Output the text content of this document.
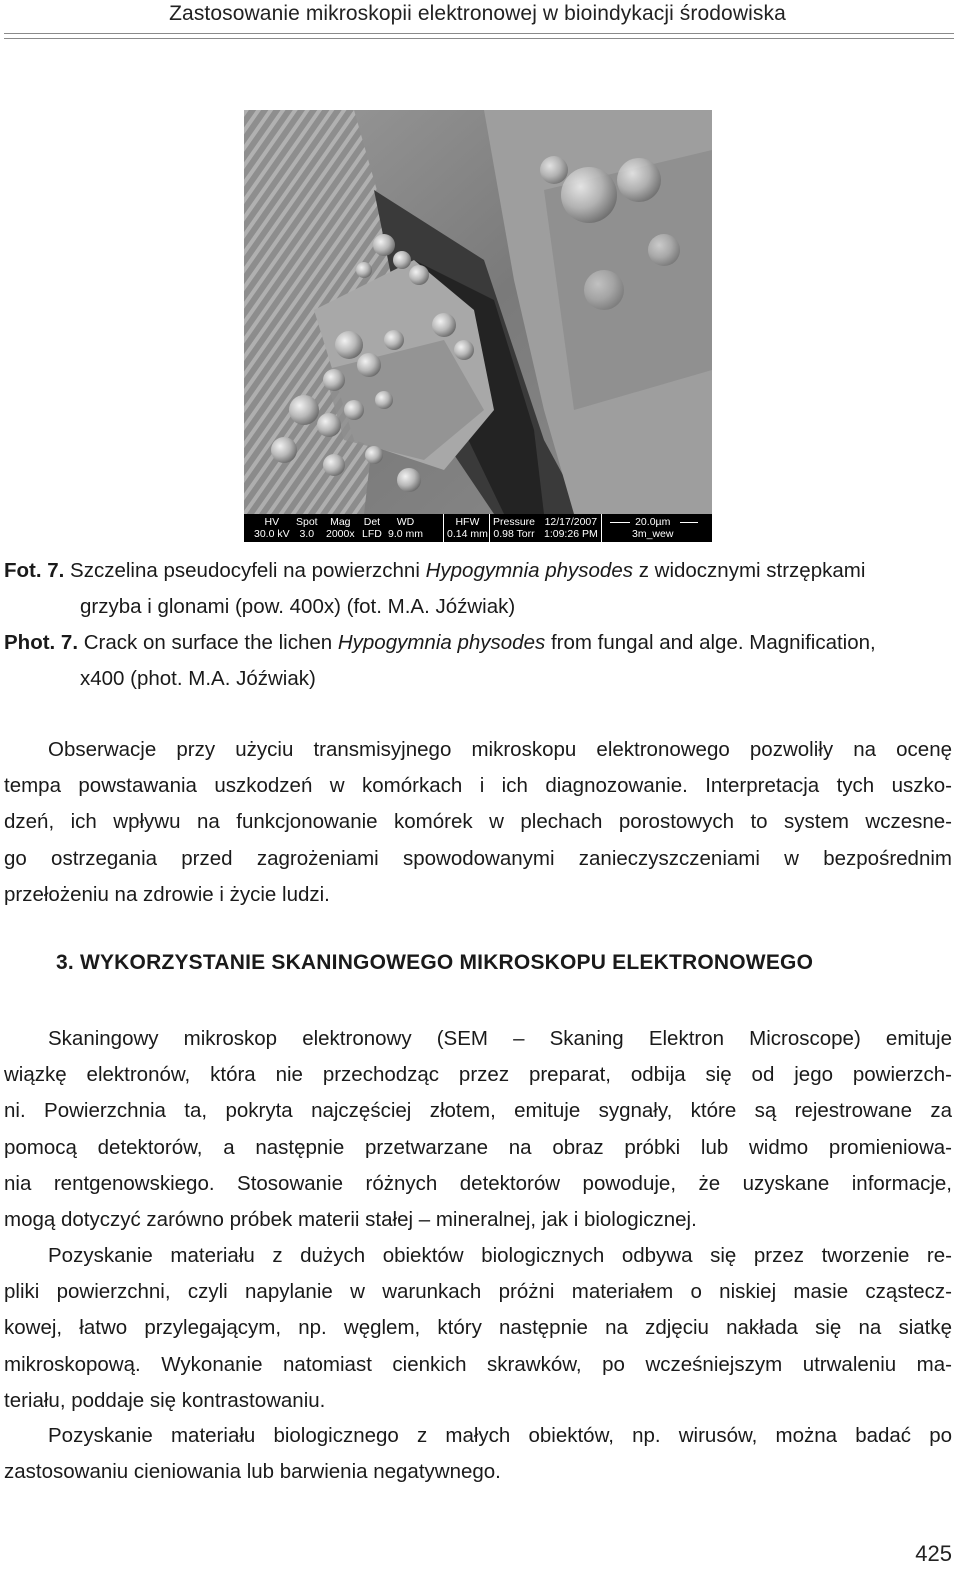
Zastosowanie mikroskopii elektronowej w bioindykacji środowiska
HV
30.0 kV
Spot
3.0
Mag
2000x
Det
LFD
WD
9.0 mm
HFW
0.14 mm
Pressure
0.98 Torr
12/17/2007
1:09:26 PM
20.0µm
3m_wew
Fot. 7. Szczelina pseudocyfeli na powierzchni Hypogymnia physodes z widocznymi strzępkami
grzyba i glonami (pow. 400x) (fot. M.A. Jóźwiak)
Phot. 7. Crack on surface the lichen Hypogymnia physodes from fungal and alge. Magnification,
x400 (phot. M.A. Jóźwiak)
Obserwacje przy użyciu transmisyjnego mikroskopu elektronowego pozwoliły na ocenę
tempa powstawania uszkodzeń w komórkach i ich diagnozowanie. Interpretacja tych uszko-
dzeń, ich wpływu na funkcjonowanie komórek w plechach porostowych to system wczesne-
go ostrzegania przed zagrożeniami spowodowanymi zanieczyszczeniami w bezpośrednim
przełożeniu na zdrowie i życie ludzi.
3. WYKORZYSTANIE SKANINGOWEGO MIKROSKOPU ELEKTRONOWEGO
Skaningowy mikroskop elektronowy (SEM – Skaning Elektron Microscope) emituje
wiązkę elektronów, która nie przechodząc przez preparat, odbija się od jego powierzch-
ni. Powierzchnia ta, pokryta najczęściej złotem, emituje sygnały, które są rejestrowane za
pomocą detektorów, a następnie przetwarzane na obraz próbki lub widmo promieniowa-
nia rentgenowskiego. Stosowanie różnych detektorów powoduje, że uzyskane informacje,
mogą dotyczyć zarówno próbek materii stałej – mineralnej, jak i biologicznej.
Pozyskanie materiału z dużych obiektów biologicznych odbywa się przez tworzenie re-
pliki powierzchni, czyli napylanie w warunkach próżni materiałem o niskiej masie cząstecz-
kowej, łatwo przylegającym, np. węglem, który następnie na zdjęciu nakłada się na siatkę
mikroskopową. Wykonanie natomiast cienkich skrawków, po wcześniejszym utrwaleniu ma-
teriału, poddaje się kontrastowaniu.
Pozyskanie materiału biologicznego z małych obiektów, np. wirusów, można badać po
zastosowaniu cieniowania lub barwienia negatywnego.
425
